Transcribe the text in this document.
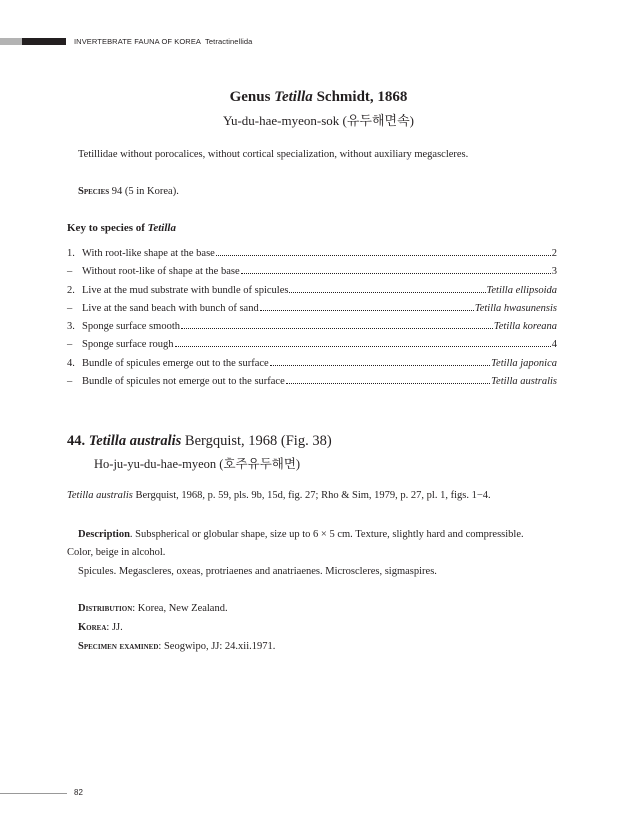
INVERTEBRATE FAUNA OF KOREA Tetractinellida
Genus Tetilla Schmidt, 1868
Yu-du-hae-myeon-sok (유두해면속)
Tetillidae without porocalices, without cortical specialization, without auxiliary megascleres.
Species 94 (5 in Korea).
Key to species of Tetilla
1. With root-like shape at the base	2
– Without root-like of shape at the base	3
2. Live at the mud substrate with bundle of spicules	Tetilla ellipsoida
– Live at the sand beach with bunch of sand	Tetilla hwasunensis
3. Sponge surface smooth	Tetilla koreana
– Sponge surface rough	4
4. Bundle of spicules emerge out to the surface	Tetilla japonica
– Bundle of spicules not emerge out to the surface	Tetilla australis
44. Tetilla australis Bergquist, 1968 (Fig. 38)
Ho-ju-yu-du-hae-myeon (호주유두해면)
Tetilla australis Bergquist, 1968, p. 59, pls. 9b, 15d, fig. 27; Rho & Sim, 1979, p. 27, pl. 1, figs. 1−4.
Description. Subspherical or globular shape, size up to 6 × 5 cm. Texture, slightly hard and compressible.
Color, beige in alcohol.
Spicules. Megascleres, oxeas, protriaenes and anatriaenes. Microscleres, sigmaspires.
Distribution: Korea, New Zealand.
Korea: JJ.
Specimen examined: Seogwipo, JJ: 24.xii.1971.
82
